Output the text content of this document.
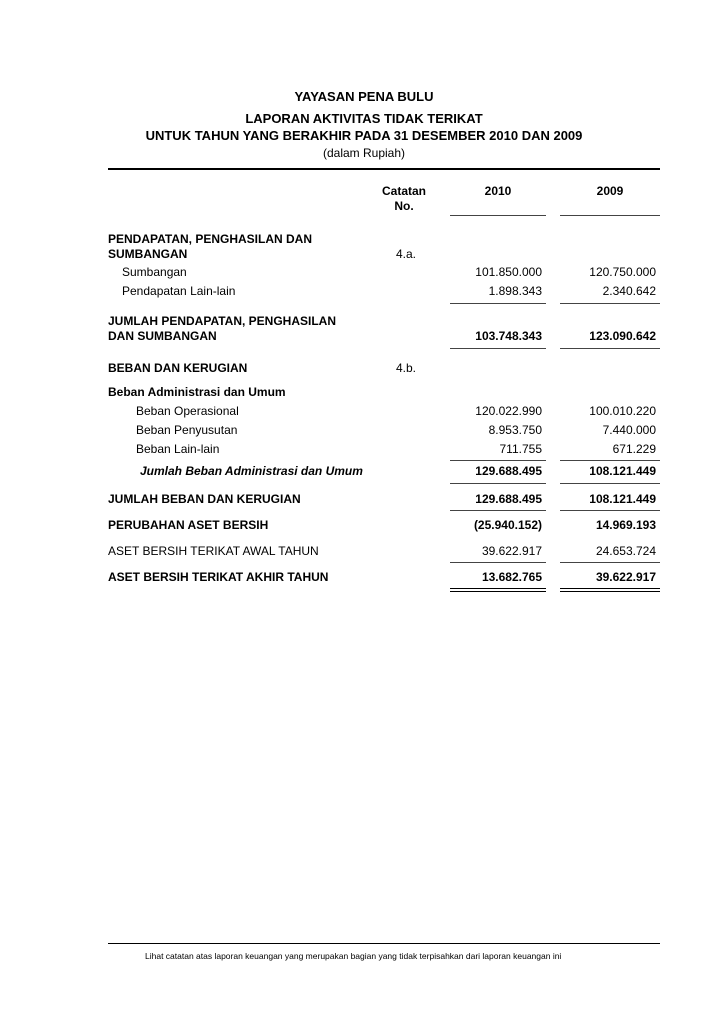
YAYASAN PENA BULU
LAPORAN AKTIVITAS TIDAK TERIKAT
UNTUK TAHUN YANG BERAKHIR PADA 31 DESEMBER 2010 DAN 2009
(dalam Rupiah)
Catatan
No.
2010	2009
PENDAPATAN, PENGHASILAN DAN
SUMBANGAN	4.a.
Sumbangan	101.850.000	120.750.000
Pendapatan Lain-lain	1.898.343	2.340.642
JUMLAH PENDAPATAN, PENGHASILAN
DAN SUMBANGAN	103.748.343	123.090.642
BEBAN DAN KERUGIAN	4.b.
Beban Administrasi dan Umum
Beban Operasional	120.022.990	100.010.220
Beban Penyusutan	8.953.750	7.440.000
Beban Lain-lain	711.755	671.229
Jumlah Beban Administrasi dan Umum	129.688.495	108.121.449
JUMLAH BEBAN DAN KERUGIAN	129.688.495	108.121.449
PERUBAHAN ASET BERSIH	(25.940.152)	14.969.193
ASET BERSIH TERIKAT AWAL TAHUN	39.622.917	24.653.724
ASET BERSIH TERIKAT AKHIR TAHUN	13.682.765	39.622.917
Lihat catatan atas laporan keuangan yang merupakan bagian yang tidak terpisahkan dari laporan keuangan ini
